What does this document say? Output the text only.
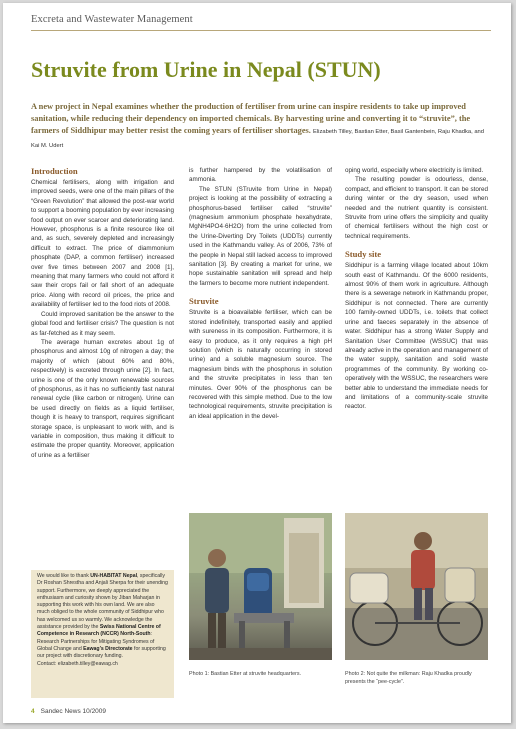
Excreta and Wastewater Management
Struvite from Urine in Nepal (STUN)
A new project in Nepal examines whether the production of fertiliser from urine can inspire residents to take up improved sanitation, while reducing their dependency on imported chemicals. By harvesting urine and converting it to “struvite”, the farmers of Siddhipur may better resist the coming years of fertiliser shortages. Elizabeth Tilley, Bastian Etter, Basil Gantenbein, Raju Khadka, and Kai M. Udert
Introduction

Chemical fertilisers, along with irrigation and improved seeds, were one of the main pillars of the “Green Revolution” that allowed the post-war world to support a booming population by ever increasing food output on ever scarcer and deteriorating land. However, phosphorus is a finite resource like oil and, as such, severely depleted and increasingly difficult to extract. The price of diammonium phosphate (DAP, a common fertiliser) increased over five times between 2007 and 2008 [1], meaning that many farmers who could not afford it saw their crops fail or fall short of an adequate price. Along with record oil prices, the price and availability of fertiliser led to the food riots of 2008.

Could improved sanitation be the answer to the global food and fertiliser crisis? The question is not as far-fetched as it may seem.

The average human excretes about 1g of phosphorus and almost 10g of nitrogen a day; the majority of which (about 60% and 80%, respectively) is excreted through urine [2]. In fact, urine is one of the only known renewable sources of phosphorus, as it has no sufficiently fast natural renewal cycle (like carbon or nitrogen). Urine can be used directly on fields as a liquid fertiliser, though it is heavy to transport, requires significant storage space, is unpleasant to work with, and is variable in composition, thus making it difficult to estimate the proper quantity. Moreover, application of urine as a fertiliser

We would like to thank UN-HABITAT Nepal, specifically Dr Roshan Shrestha and Anjali Sherpa for their unending support. Furthermore, we deeply appreciated the enthusiasm and curiosity shown by Jiban Maharjan in supporting this work with his own land. We are also much obliged to the whole community of Siddhipur who has welcomed us so warmly. We acknowledge the assistance provided by the Swiss National Centre of Competence in Research (NCCR) North-South: Research Partnerships for Mitigating Syndromes of Global Change and Eawag’s Directorate for supporting our project with discretionary funding.
Contact: elizabeth.tilley@eawag.ch

is further hampered by the volatilisation of ammonia.

The STUN (STruvite from Urine in Nepal) project is looking at the possibility of extracting a phosphorus-based fertiliser called “struvite” (magnesium ammonium phosphate hexahydrate, MgNH4PO4·6H2O) from the urine collected from the Urine-Diverting Dry Toilets (UDDTs) currently used in the Kathmandu valley. As of 2006, 73% of the people in Nepal still lacked access to improved sanitation [3]. By creating a market for urine, we hope sustainable sanitation will spread and help the farmers to become more nutrient independent.

Struvite

Struvite is a bioavailable fertiliser, which can be stored indefinitely, transported easily and applied with sureness in its composition. Furthermore, it is easy to produce, as it only requires a high pH solution (which is naturally occurring in stored urine) and a soluble magnesium source. The magnesium binds with the phosphorus in solution and the struvite precipitates in less than ten minutes. Over 90% of the phosphorus can be recovered with this simple method. Due to the low technological requirements, struvite precipitation is an ideal application in the devel-

oping world, especially where electricity is limited.

The resulting powder is odourless, dense, compact, and efficient to transport. It can be stored during winter or the dry season, used when needed and the nutrient quantity is consistent. Struvite from urine offers the simplicity and quality of chemical fertilisers without the high cost or technical requirements.

Study site

Siddhipur is a farming village located about 10km south east of Kathmandu. Of the 6000 residents, almost 90% of them work in agriculture. Although there is a sewerage network in Kathmandu proper, Siddhipur is not connected. There are currently 100 family-owned UDDTs, i.e. toilets that collect urine and faeces separately in the absence of water. Siddhipur has a strong Water Supply and Sanitation User Committee (WSSUC) that was already active in the operation and management of the water supply, sanitation and solid waste programmes of the community. By working co-operatively with the WSSUC, the researchers were better able to understand the immediate needs for and limitations of a community-scale struvite reactor.

Photo 1: Bastian Etter at struvite headquarters.	Photo 2: Not quite the milkman: Raju Khadka proudly presents the “pee-cycle”.
4 Sandec News 10/2009
